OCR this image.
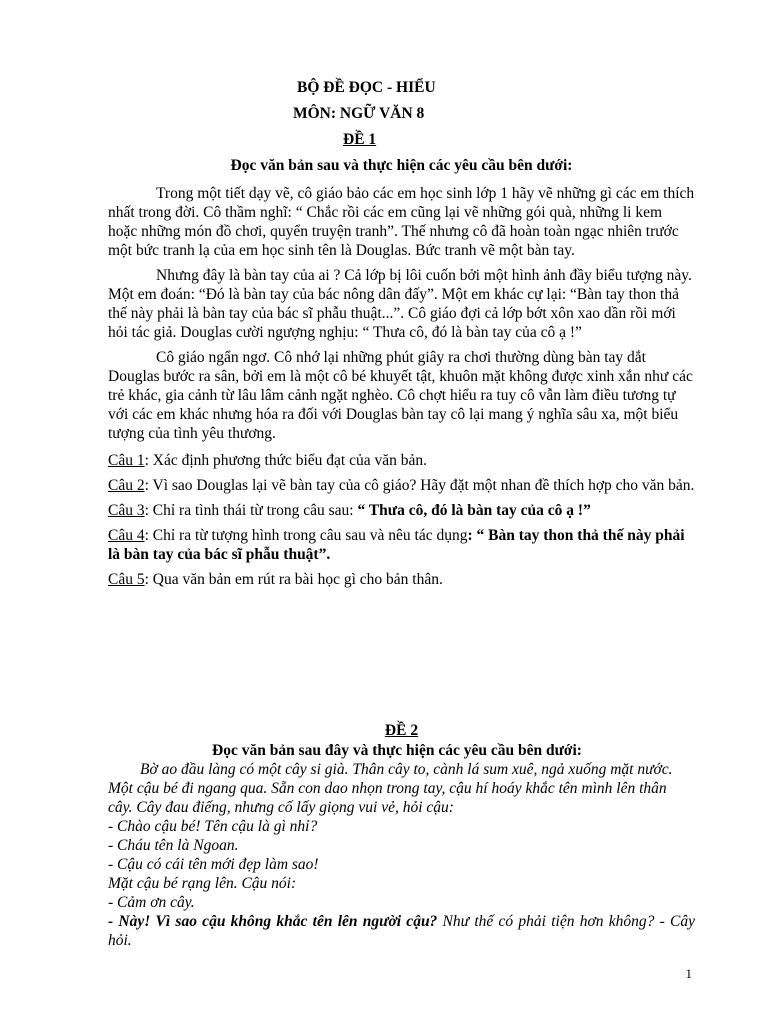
BỘ ĐỀ ĐỌC - HIỂU
MÔN: NGỮ VĂN 8
ĐỀ 1

Đọc văn bản sau và thực hiện các yêu cầu bên dưới:

Trong một tiết dạy vẽ, cô giáo bảo các em học sinh lớp 1 hãy vẽ những gì các em thích nhất trong đời. Cô thầm nghĩ: “ Chắc rồi các em cũng lại vẽ những gói quà, những li kem hoặc những món đồ chơi, quyển truyện tranh”. Thế nhưng cô đã hoàn toàn ngạc nhiên trước một bức tranh lạ của em học sinh tên là Douglas. Bức tranh vẽ một bàn tay.

Nhưng đây là bàn tay của ai ? Cả lớp bị lôi cuốn bởi một hình ảnh đầy biểu tượng này. Một em đoán: “Đó là bàn tay của bác nông dân đấy”. Một em khác cự lại: “Bàn tay thon thả thế này phải là bàn tay của bác sĩ phẫu thuật...”. Cô giáo đợi cả lớp bớt xôn xao dần rồi mới hỏi tác giả. Douglas cười ngượng nghịu: “ Thưa cô, đó là bàn tay của cô ạ !”

Cô giáo ngẩn ngơ. Cô nhớ lại những phút giây ra chơi thường dùng bàn tay dắt Douglas bước ra sân, bởi em là một cô bé khuyết tật, khuôn mặt không được xinh xắn như các trẻ khác, gia cảnh từ lâu lâm cảnh ngặt nghèo. Cô chợt hiểu ra tuy cô vẫn làm điều tương tự với các em khác nhưng hóa ra đối với Douglas bàn tay cô lại mang ý nghĩa sâu xa, một biểu tượng của tình yêu thương.

Câu 1: Xác định phương thức biểu đạt của văn bản.

Câu 2: Vì sao Douglas lại vẽ bàn tay của cô giáo? Hãy đặt một nhan đề thích hợp cho văn bản.

Câu 3: Chỉ ra tình thái từ trong câu sau: “ Thưa cô, đó là bàn tay của cô ạ !”

Câu 4: Chỉ ra từ tượng hình trong câu sau và nêu tác dụng: “ Bàn tay thon thả thế này phải là bàn tay của bác sĩ phẫu thuật”.

Câu 5: Qua văn bản em rút ra bài học gì cho bản thân.

ĐỀ 2

Đọc văn bản sau đây và thực hiện các yêu cầu bên dưới:

Bờ ao đầu làng có một cây si già. Thân cây to, cành lá sum xuê, ngả xuống mặt nước. Một cậu bé đi ngang qua. Sẵn con dao nhọn trong tay, cậu hí hoáy khắc tên mình lên thân cây. Cây đau điếng, nhưng cố lấy giọng vui vẻ, hỏi cậu:

- Chào cậu bé! Tên cậu là gì nhỉ?

- Cháu tên là Ngoan.

- Cậu có cái tên mới đẹp làm sao!

Mặt cậu bé rạng lên. Cậu nói:

- Cảm ơn cây.

- Này! Vì sao cậu không khắc tên lên người cậu? Như thế có phải tiện hơn không? - Cây hỏi.

1
